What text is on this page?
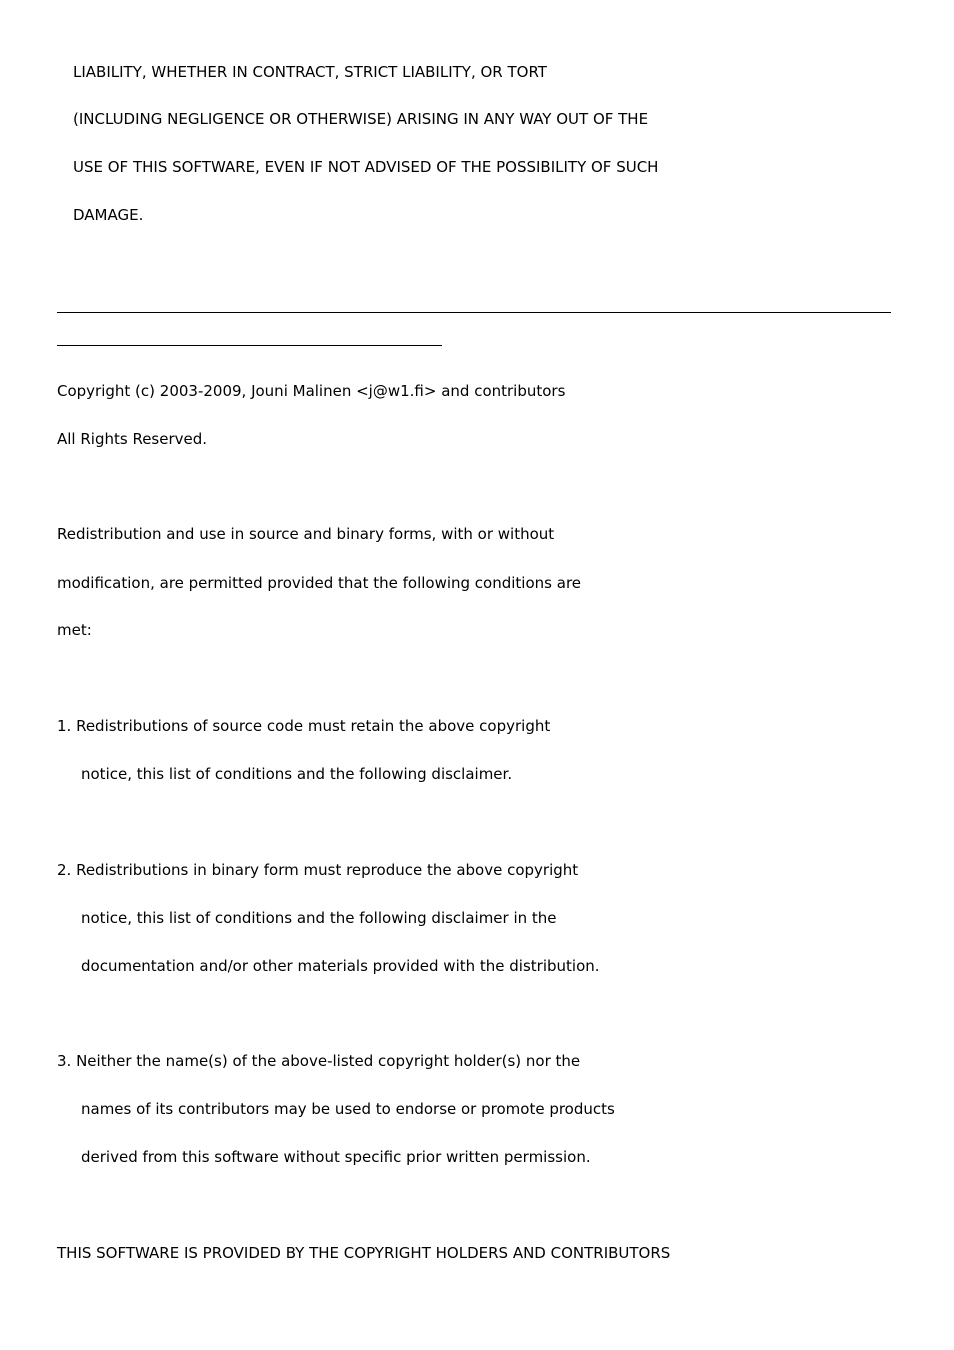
LIABILITY, WHETHER IN CONTRACT, STRICT LIABILITY, OR TORT
(INCLUDING NEGLIGENCE OR OTHERWISE) ARISING IN ANY WAY OUT OF THE
USE OF THIS SOFTWARE, EVEN IF NOT ADVISED OF THE POSSIBILITY OF SUCH
DAMAGE.
Copyright (c) 2003-2009, Jouni Malinen <j@w1.fi> and contributors
All Rights Reserved.
Redistribution and use in source and binary forms, with or without
modification, are permitted provided that the following conditions are
met:
1. Redistributions of source code must retain the above copyright
notice, this list of conditions and the following disclaimer.
2. Redistributions in binary form must reproduce the above copyright
notice, this list of conditions and the following disclaimer in the
documentation and/or other materials provided with the distribution.
3. Neither the name(s) of the above-listed copyright holder(s) nor the
names of its contributors may be used to endorse or promote products
derived from this software without specific prior written permission.
THIS SOFTWARE IS PROVIDED BY THE COPYRIGHT HOLDERS AND CONTRIBUTORS
